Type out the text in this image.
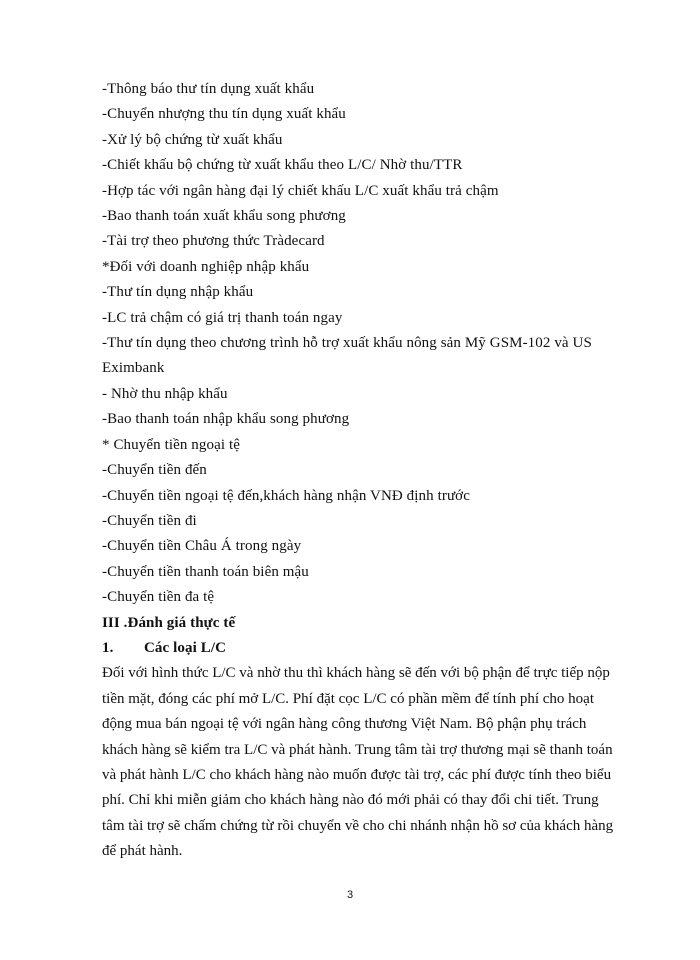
-Thông báo thư tín dụng xuất khẩu
-Chuyển nhượng thu tín dụng xuất khẩu
-Xử lý bộ chứng từ xuất khẩu
-Chiết khấu bộ chứng từ xuất khẩu theo L/C/ Nhờ thu/TTR
-Hợp tác với ngân hàng đại lý chiết khấu L/C xuất khẩu trả chậm
-Bao thanh toán xuất khẩu song phương
-Tài trợ theo phương thức Tràdecard
*Đối với doanh nghiệp nhập khẩu
-Thư tín dụng nhập khẩu
-LC trả chậm có giá trị thanh toán ngay
-Thư tín dụng theo chương trình hỗ trợ xuất khẩu nông sản Mỹ GSM-102 và US
Eximbank
- Nhờ thu nhập khẩu
-Bao thanh toán nhập khẩu song phương
* Chuyển tiền ngoại tệ
-Chuyển tiền đến
-Chuyển tiền ngoại tệ đến,khách hàng nhận VNĐ định trước
-Chuyển tiền đi
-Chuyển tiền Châu Á trong ngày
-Chuyển tiền thanh toán biên mậu
-Chuyển tiền đa tệ
III .Đánh giá thực tế
1.	Các loại L/C
Đối với hình thức L/C và nhờ thu thì khách hàng sẽ đến với bộ phận để trực tiếp nộp
tiền mặt, đóng các phí mở L/C. Phí đặt cọc L/C có phần mềm để tính phí cho hoạt
động mua bán ngoại tệ với ngân hàng công thương Việt Nam. Bộ phận phụ trách
khách hàng sẽ kiểm tra L/C và phát hành. Trung tâm tài trợ thương mại sẽ thanh toán
và phát hành L/C cho khách hàng nào muốn được tài trợ, các phí được tính theo biểu
phí. Chỉ khi miễn giảm cho khách hàng nào đó mới phải có thay đổi chi tiết. Trung
tâm tài trợ sẽ chấm chứng từ rồi chuyển về cho chi nhánh nhận hồ sơ của khách hàng
để phát hành.
3
